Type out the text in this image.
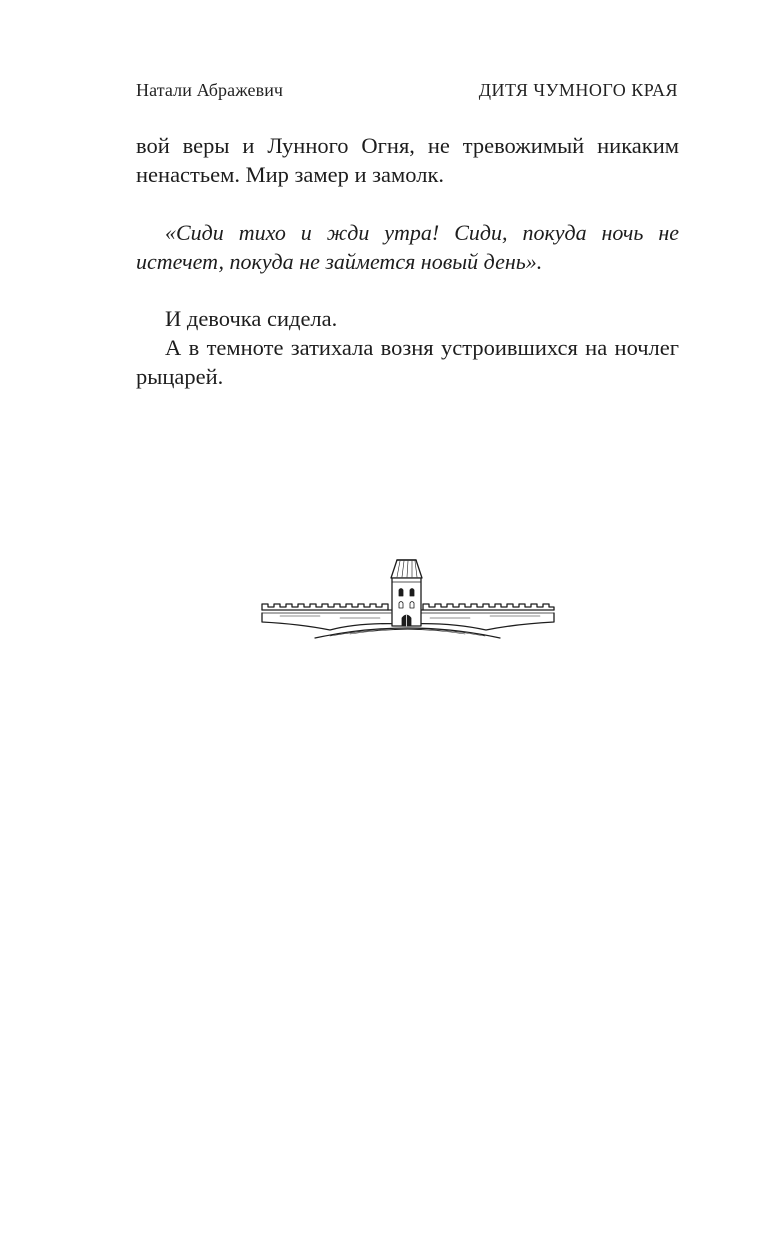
Натали Абражевич	ДИТЯ ЧУМНОГО КРАЯ

вой веры и Лунного Огня, не тревожимый никаким ненастьем. Мир замер и замолк.

«Сиди тихо и жди утра! Сиди, покуда ночь не истечет, покуда не займется новый день».

И девочка сидела.

А в темноте затихала возня устроившихся на ночлег рыцарей.
